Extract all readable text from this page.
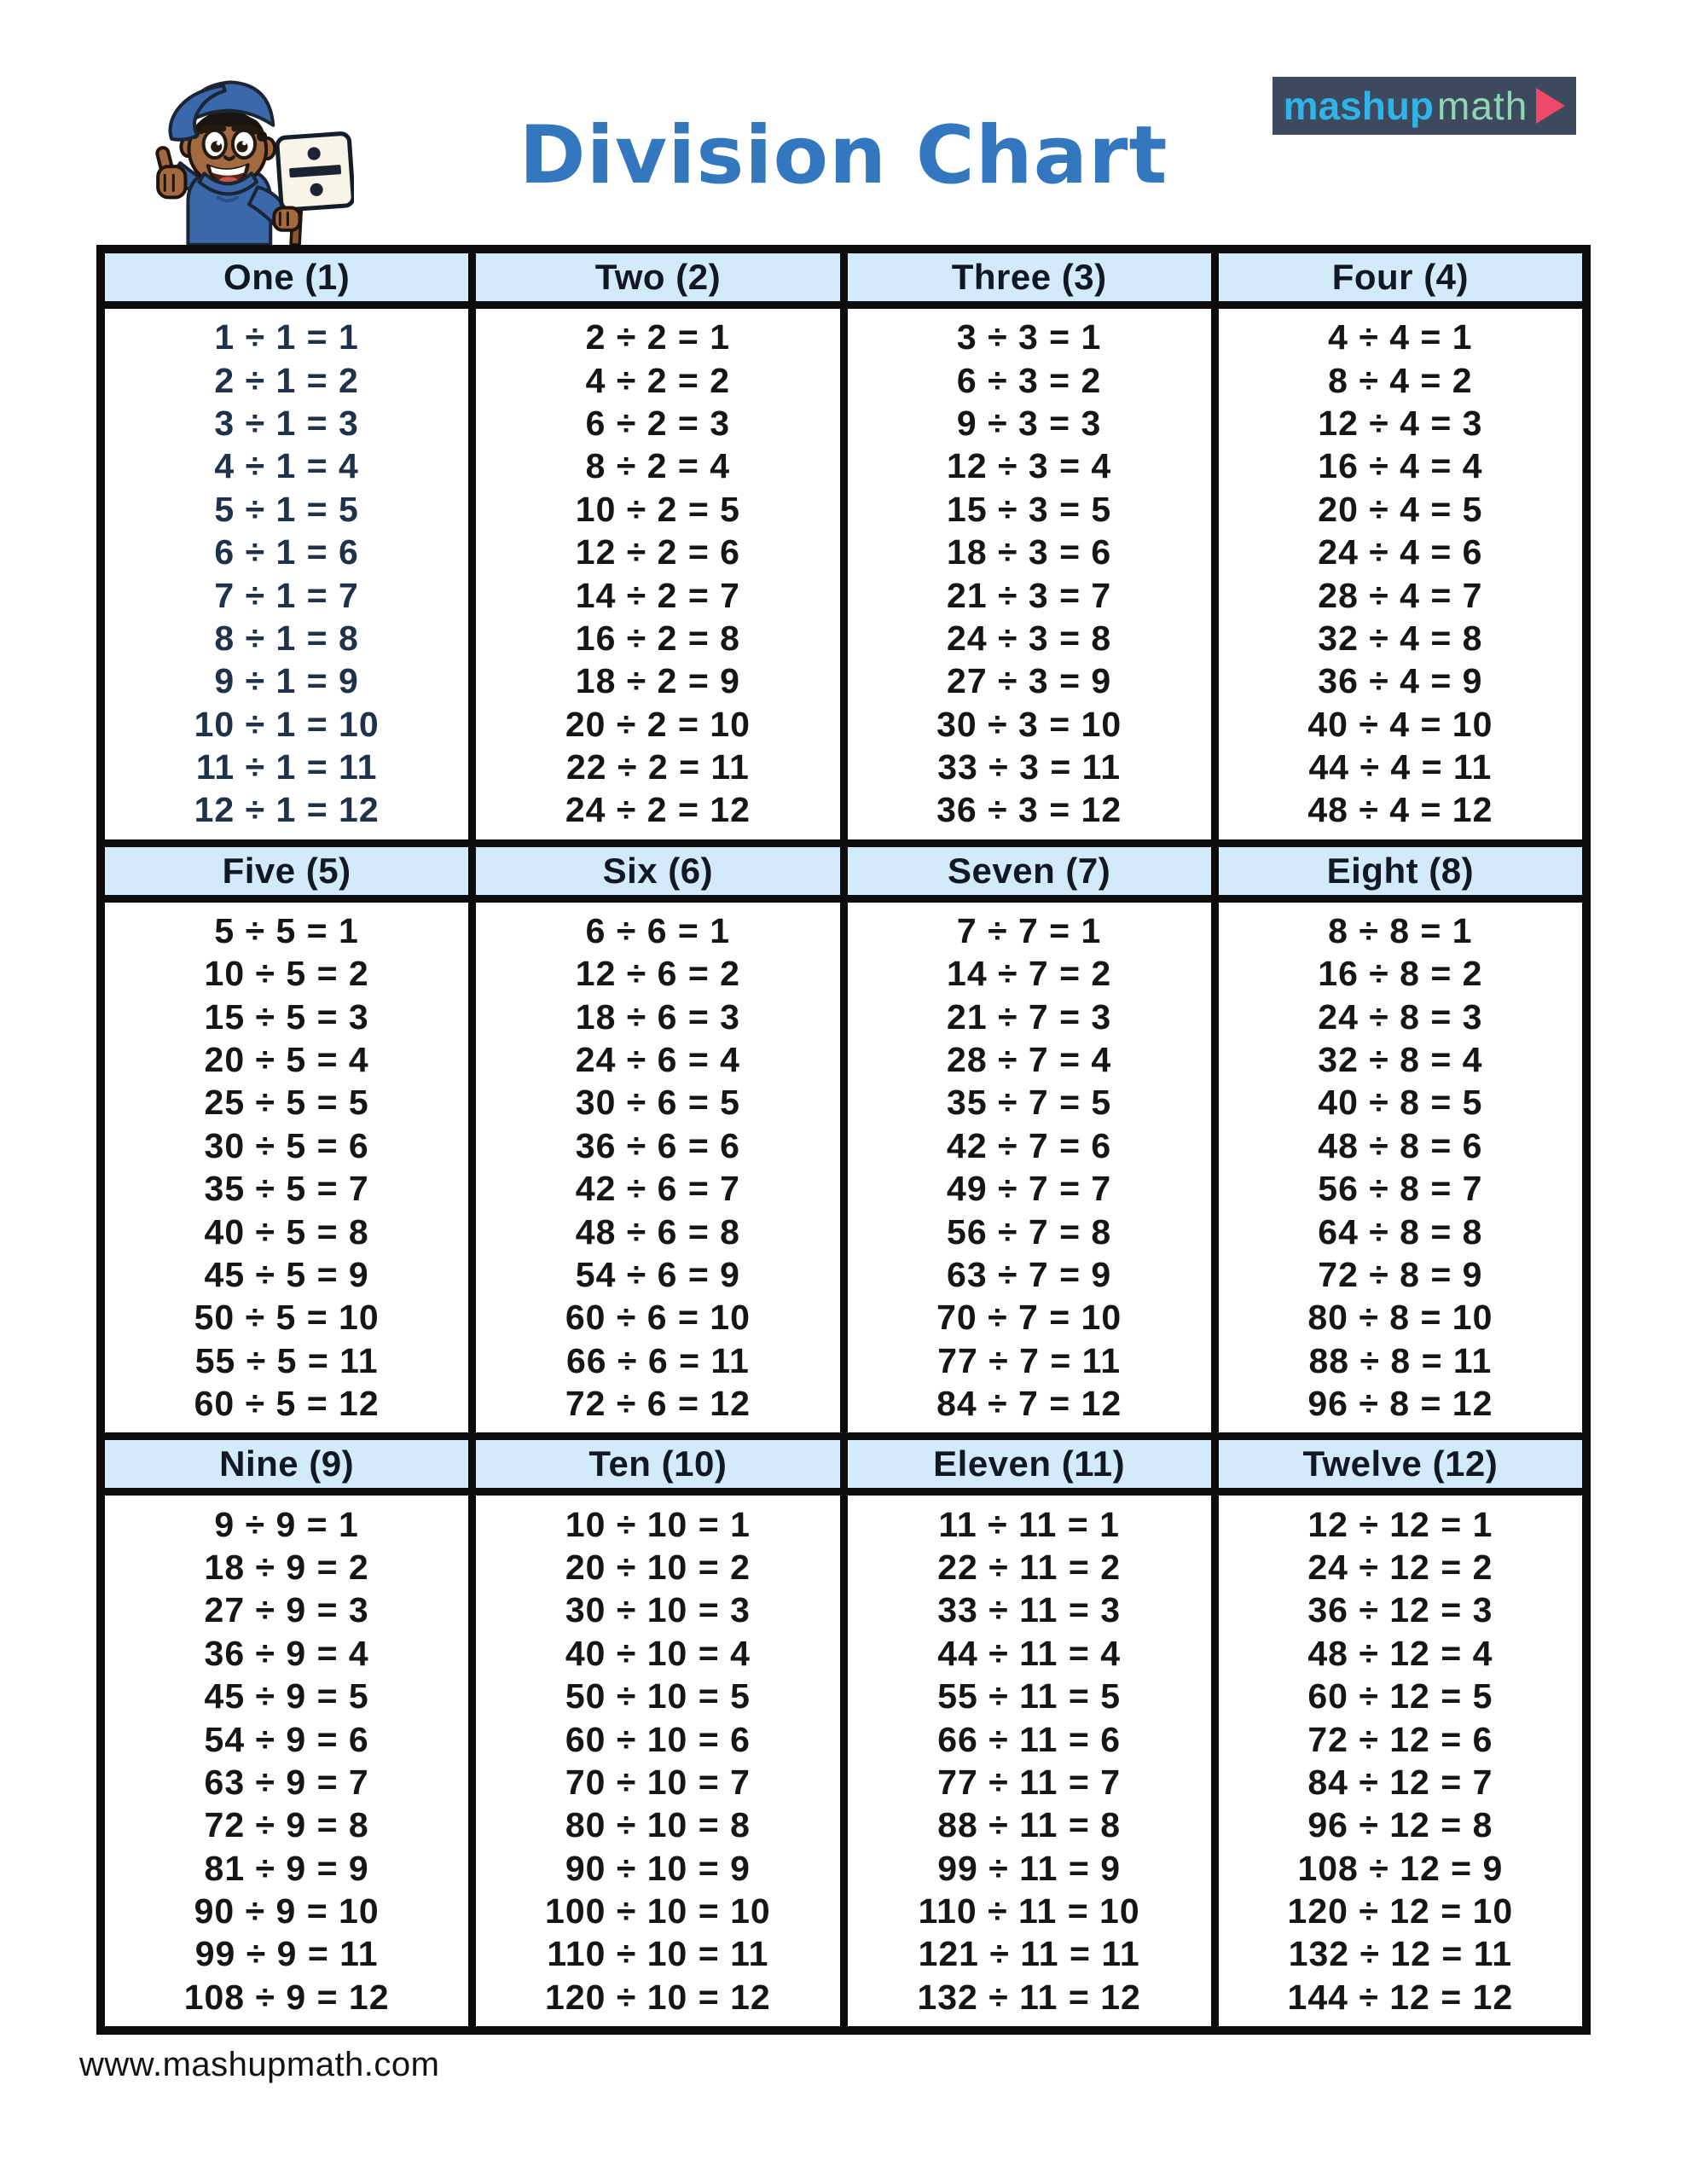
Division Chart
mashup math
One (1)
1 ÷ 1 = 1
2 ÷ 1 = 2
3 ÷ 1 = 3
4 ÷ 1 = 4
5 ÷ 1 = 5
6 ÷ 1 = 6
7 ÷ 1 = 7
8 ÷ 1 = 8
9 ÷ 1 = 9
10 ÷ 1 = 10
11 ÷ 1 = 11
12 ÷ 1 = 12
Two (2)
2 ÷ 2 = 1
4 ÷ 2 = 2
6 ÷ 2 = 3
8 ÷ 2 = 4
10 ÷ 2 = 5
12 ÷ 2 = 6
14 ÷ 2 = 7
16 ÷ 2 = 8
18 ÷ 2 = 9
20 ÷ 2 = 10
22 ÷ 2 = 11
24 ÷ 2 = 12
Three (3)
3 ÷ 3 = 1
6 ÷ 3 = 2
9 ÷ 3 = 3
12 ÷ 3 = 4
15 ÷ 3 = 5
18 ÷ 3 = 6
21 ÷ 3 = 7
24 ÷ 3 = 8
27 ÷ 3 = 9
30 ÷ 3 = 10
33 ÷ 3 = 11
36 ÷ 3 = 12
Four (4)
4 ÷ 4 = 1
8 ÷ 4 = 2
12 ÷ 4 = 3
16 ÷ 4 = 4
20 ÷ 4 = 5
24 ÷ 4 = 6
28 ÷ 4 = 7
32 ÷ 4 = 8
36 ÷ 4 = 9
40 ÷ 4 = 10
44 ÷ 4 = 11
48 ÷ 4 = 12
Five (5)
5 ÷ 5 = 1
10 ÷ 5 = 2
15 ÷ 5 = 3
20 ÷ 5 = 4
25 ÷ 5 = 5
30 ÷ 5 = 6
35 ÷ 5 = 7
40 ÷ 5 = 8
45 ÷ 5 = 9
50 ÷ 5 = 10
55 ÷ 5 = 11
60 ÷ 5 = 12
Six (6)
6 ÷ 6 = 1
12 ÷ 6 = 2
18 ÷ 6 = 3
24 ÷ 6 = 4
30 ÷ 6 = 5
36 ÷ 6 = 6
42 ÷ 6 = 7
48 ÷ 6 = 8
54 ÷ 6 = 9
60 ÷ 6 = 10
66 ÷ 6 = 11
72 ÷ 6 = 12
Seven (7)
7 ÷ 7 = 1
14 ÷ 7 = 2
21 ÷ 7 = 3
28 ÷ 7 = 4
35 ÷ 7 = 5
42 ÷ 7 = 6
49 ÷ 7 = 7
56 ÷ 7 = 8
63 ÷ 7 = 9
70 ÷ 7 = 10
77 ÷ 7 = 11
84 ÷ 7 = 12
Eight (8)
8 ÷ 8 = 1
16 ÷ 8 = 2
24 ÷ 8 = 3
32 ÷ 8 = 4
40 ÷ 8 = 5
48 ÷ 8 = 6
56 ÷ 8 = 7
64 ÷ 8 = 8
72 ÷ 8 = 9
80 ÷ 8 = 10
88 ÷ 8 = 11
96 ÷ 8 = 12
Nine (9)
9 ÷ 9 = 1
18 ÷ 9 = 2
27 ÷ 9 = 3
36 ÷ 9 = 4
45 ÷ 9 = 5
54 ÷ 9 = 6
63 ÷ 9 = 7
72 ÷ 9 = 8
81 ÷ 9 = 9
90 ÷ 9 = 10
99 ÷ 9 = 11
108 ÷ 9 = 12
Ten (10)
10 ÷ 10 = 1
20 ÷ 10 = 2
30 ÷ 10 = 3
40 ÷ 10 = 4
50 ÷ 10 = 5
60 ÷ 10 = 6
70 ÷ 10 = 7
80 ÷ 10 = 8
90 ÷ 10 = 9
100 ÷ 10 = 10
110 ÷ 10 = 11
120 ÷ 10 = 12
Eleven (11)
11 ÷ 11 = 1
22 ÷ 11 = 2
33 ÷ 11 = 3
44 ÷ 11 = 4
55 ÷ 11 = 5
66 ÷ 11 = 6
77 ÷ 11 = 7
88 ÷ 11 = 8
99 ÷ 11 = 9
110 ÷ 11 = 10
121 ÷ 11 = 11
132 ÷ 11 = 12
Twelve (12)
12 ÷ 12 = 1
24 ÷ 12 = 2
36 ÷ 12 = 3
48 ÷ 12 = 4
60 ÷ 12 = 5
72 ÷ 12 = 6
84 ÷ 12 = 7
96 ÷ 12 = 8
108 ÷ 12 = 9
120 ÷ 12 = 10
132 ÷ 12 = 11
144 ÷ 12 = 12
www.mashupmath.com
